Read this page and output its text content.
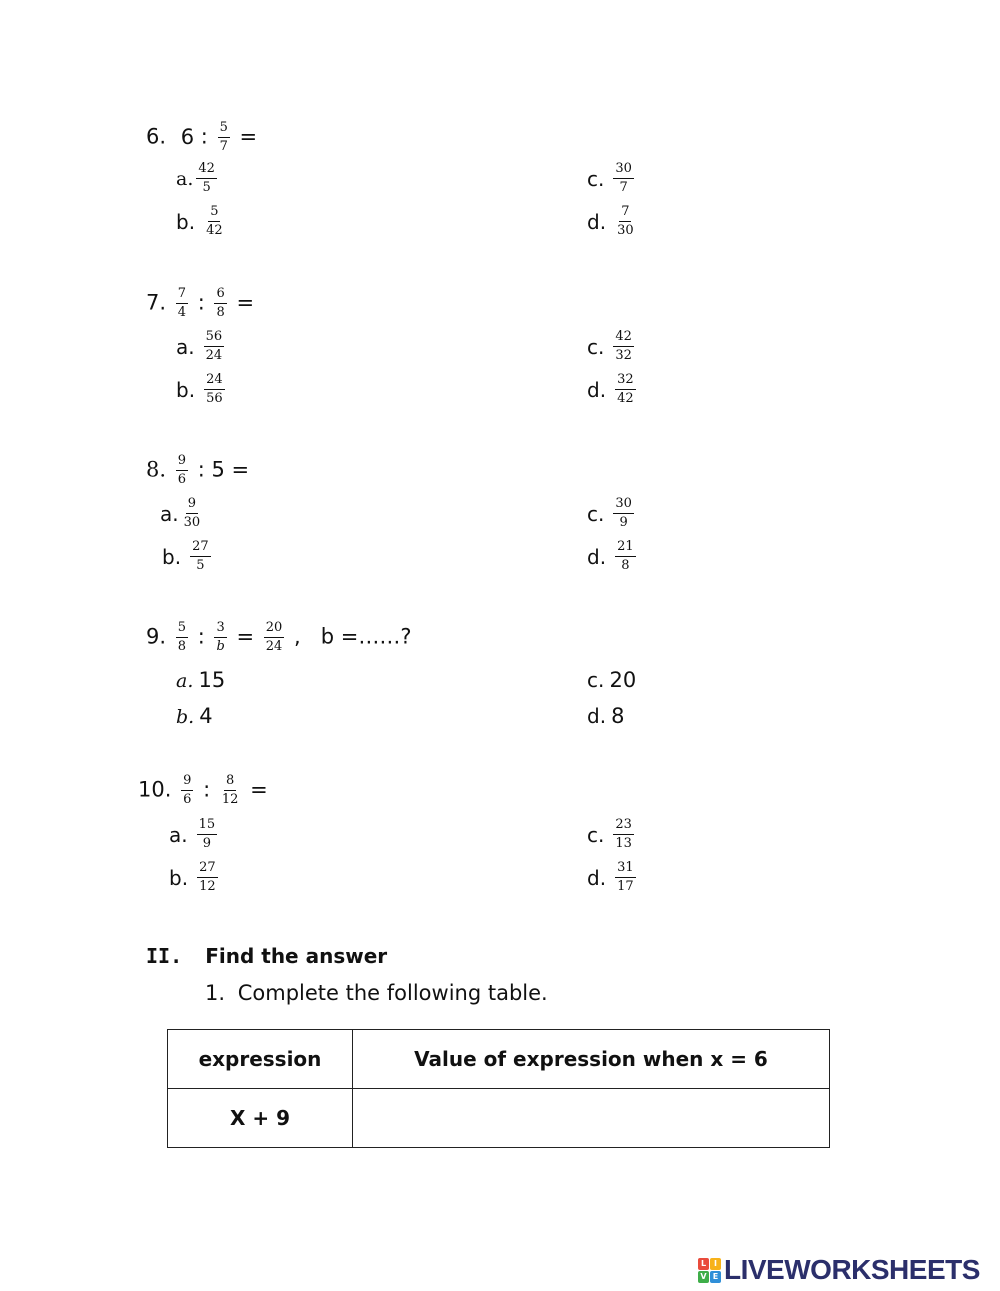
6. 6 : $\frac{5}{7}$ =
a. $\frac{42}{5}$
b. $\frac{5}{42}$
c. $\frac{30}{7}$
d. $\frac{7}{30}$
7. $\frac{7}{4}$ : $\frac{6}{8}$ =
a. $\frac{56}{24}$
b. $\frac{24}{56}$
c. $\frac{42}{32}$
d. $\frac{32}{42}$
8. $\frac{9}{6}$ : 5 =
a. $\frac{9}{30}$
b. $\frac{27}{5}$
c. $\frac{30}{9}$
d. $\frac{21}{8}$
9. $\frac{5}{8}$ : $\frac{3}{b} = \frac{20}{24}$ ,   b =……?
a. 15
b. 4
c. 20
d. 8
10. $\frac{9}{6}$ : $\frac{8}{12}$ =
a. $\frac{15}{9}$
b. $\frac{27}{12}$
c. $\frac{23}{13}$
d. $\frac{31}{17}$
II. Find the answer
1. Complete the following table.
expression	Value of expression when x = 6
X + 9	
L I
V E LIVEWORKSHEETS
